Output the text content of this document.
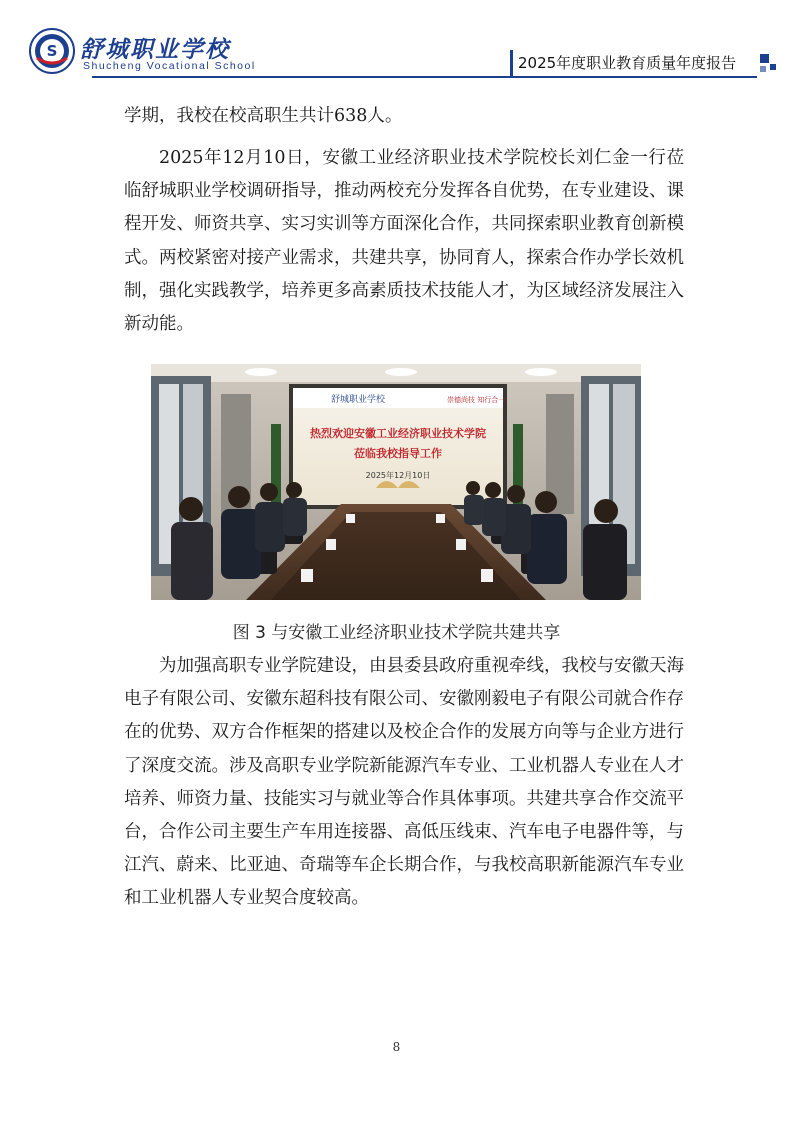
S 舒城职业学校
Shucheng Vocational School	2025年度职业教育质量年度报告

学期，我校在校高职生共计638人。

2025年12月10日，安徽工业经济职业技术学院校长刘仁金一行莅临舒城职业学校调研指导，推动两校充分发挥各自优势，在专业建设、课程开发、师资共享、实习实训等方面深化合作，共同探索职业教育创新模式。两校紧密对接产业需求，共建共享，协同育人，探索合作办学长效机制，强化实践教学，培养更多高素质技术技能人才，为区域经济发展注入新动能。

舒城职业学校	崇德尚技 知行合一
热烈欢迎安徽工业经济职业技术学院
莅临我校指导工作
2025年12月10日
图 3 与安徽工业经济职业技术学院共建共享

为加强高职专业学院建设，由县委县政府重视牵线，我校与安徽天海电子有限公司、安徽东超科技有限公司、安徽刚毅电子有限公司就合作存在的优势、双方合作框架的搭建以及校企合作的发展方向等与企业方进行了深度交流。涉及高职专业学院新能源汽车专业、工业机器人专业在人才培养、师资力量、技能实习与就业等合作具体事项。共建共享合作交流平台，合作公司主要生产车用连接器、高低压线束、汽车电子电器件等，与江汽、蔚来、比亚迪、奇瑞等车企长期合作，与我校高职新能源汽车专业和工业机器人专业契合度较高。

8
